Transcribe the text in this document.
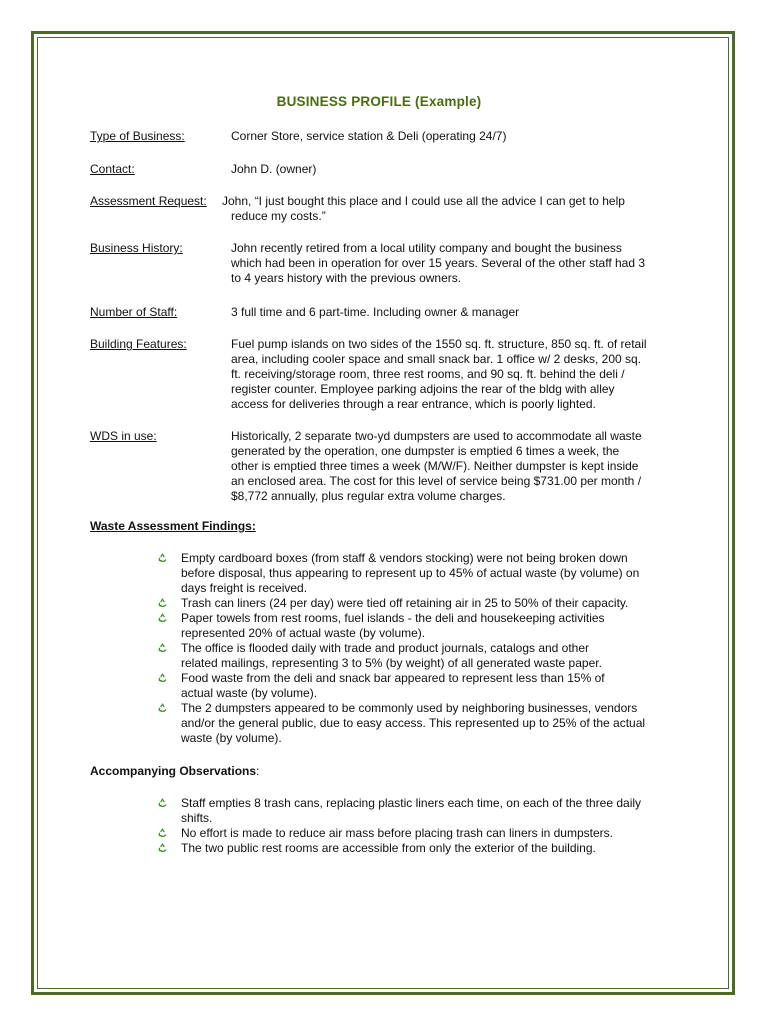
BUSINESS PROFILE (Example)
Type of Business:	Corner Store, service station & Deli (operating 24/7)
Contact:	John D. (owner)
Assessment Request: John, “I just bought this place and I could use all the advice I can get to help
reduce my costs.”
Business History:	John recently retired from a local utility company and bought the business
which had been in operation for over 15 years. Several of the other staff had 3
to 4 years history with the previous owners.
Number of Staff:	3 full time and 6 part-time. Including owner & manager
Building Features:	Fuel pump islands on two sides of the 1550 sq. ft. structure, 850 sq. ft. of retail
area, including cooler space and small snack bar. 1 office w/ 2 desks, 200 sq.
ft. receiving/storage room, three rest rooms, and 90 sq. ft. behind the deli /
register counter. Employee parking adjoins the rear of the bldg with alley
access for deliveries through a rear entrance, which is poorly lighted.
WDS in use:	Historically, 2 separate two-yd dumpsters are used to accommodate all waste
generated by the operation, one dumpster is emptied 6 times a week, the
other is emptied three times a week (M/W/F). Neither dumpster is kept inside
an enclosed area. The cost for this level of service being $731.00 per month /
$8,772 annually, plus regular extra volume charges.
Waste Assessment Findings:
Empty cardboard boxes (from staff & vendors stocking) were not being broken down
before disposal, thus appearing to represent up to 45% of actual waste (by volume) on
days freight is received.
Trash can liners (24 per day) were tied off retaining air in 25 to 50% of their capacity.
Paper towels from rest rooms, fuel islands - the deli and housekeeping activities
represented 20% of actual waste (by volume).
The office is flooded daily with trade and product journals, catalogs and other
related mailings, representing 3 to 5% (by weight) of all generated waste paper.
Food waste from the deli and snack bar appeared to represent less than 15% of
actual waste (by volume).
The 2 dumpsters appeared to be commonly used by neighboring businesses, vendors
and/or the general public, due to easy access. This represented up to 25% of the actual
waste (by volume).
Accompanying Observations:
Staff empties 8 trash cans, replacing plastic liners each time, on each of the three daily
shifts.
No effort is made to reduce air mass before placing trash can liners in dumpsters.
The two public rest rooms are accessible from only the exterior of the building.
